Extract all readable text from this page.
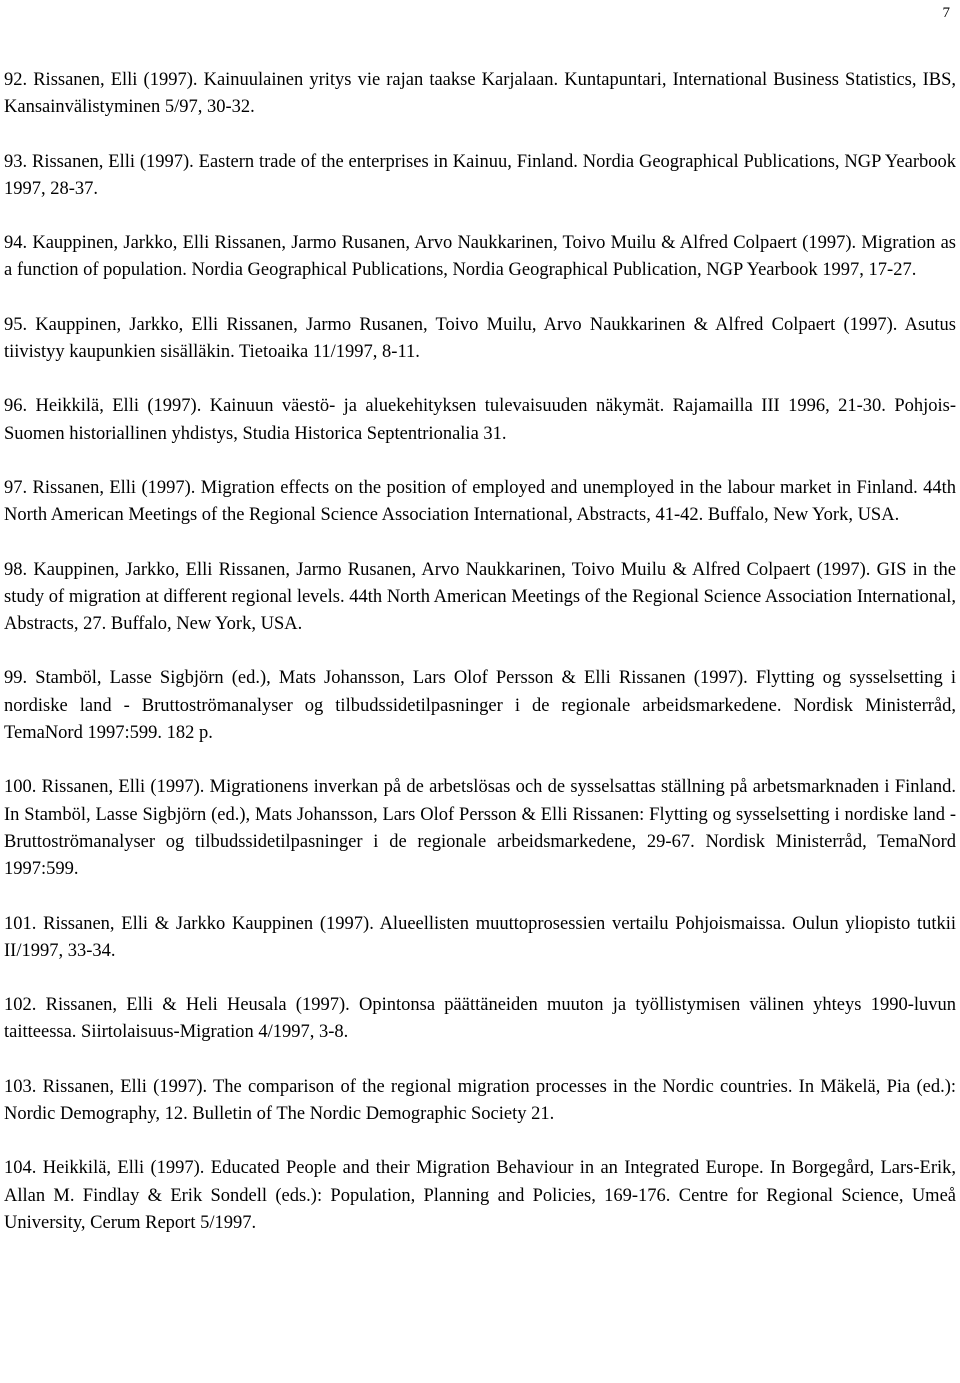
7

92. Rissanen, Elli (1997). Kainuulainen yritys vie rajan taakse Karjalaan. Kuntapuntari, International Business Statistics, IBS, Kansainvälistyminen 5/97, 30-32.

93. Rissanen, Elli (1997). Eastern trade of the enterprises in Kainuu, Finland. Nordia Geographical Publications, NGP Yearbook 1997, 28-37.

94. Kauppinen, Jarkko, Elli Rissanen, Jarmo Rusanen, Arvo Naukkarinen, Toivo Muilu & Alfred Colpaert (1997). Migration as a function of population. Nordia Geographical Publications, Nordia Geographical Publication, NGP Yearbook 1997, 17-27.

95. Kauppinen, Jarkko, Elli Rissanen, Jarmo Rusanen, Toivo Muilu, Arvo Naukkarinen & Alfred Colpaert (1997). Asutus tiivistyy kaupunkien sisälläkin. Tietoaika 11/1997, 8-11.

96. Heikkilä, Elli (1997). Kainuun väestö- ja aluekehityksen tulevaisuuden näkymät. Rajamailla III 1996, 21-30. Pohjois-Suomen historiallinen yhdistys, Studia Historica Septentrionalia 31.

97. Rissanen, Elli (1997). Migration effects on the position of employed and unemployed in the labour market in Finland. 44th North American Meetings of the Regional Science Association International, Abstracts, 41-42. Buffalo, New York, USA.

98. Kauppinen, Jarkko, Elli Rissanen, Jarmo Rusanen, Arvo Naukkarinen, Toivo Muilu & Alfred Colpaert (1997). GIS in the study of migration at different regional levels. 44th North American Meetings of the Regional Science Association International, Abstracts, 27. Buffalo, New York, USA.

99. Stamböl, Lasse Sigbjörn (ed.), Mats Johansson, Lars Olof Persson & Elli Rissanen (1997). Flytting og sysselsetting i nordiske land - Bruttoströmanalyser og tilbudssidetilpasninger i de regionale arbeidsmarkedene. Nordisk Ministerråd, TemaNord 1997:599. 182 p.

100. Rissanen, Elli (1997). Migrationens inverkan på de arbetslösas och de sysselsattas ställning på arbetsmarknaden i Finland. In Stamböl, Lasse Sigbjörn (ed.), Mats Johansson, Lars Olof Persson & Elli Rissanen: Flytting og sysselsetting i nordiske land - Bruttoströmanalyser og tilbudssidetilpasninger i de regionale arbeidsmarkedene, 29-67. Nordisk Ministerråd, TemaNord 1997:599.

101. Rissanen, Elli & Jarkko Kauppinen (1997). Alueellisten muuttoprosessien vertailu Pohjoismaissa. Oulun yliopisto tutkii II/1997, 33-34.

102. Rissanen, Elli & Heli Heusala (1997). Opintonsa päättäneiden muuton ja työllistymisen välinen yhteys 1990-luvun taitteessa. Siirtolaisuus-Migration 4/1997, 3-8.

103. Rissanen, Elli (1997). The comparison of the regional migration processes in the Nordic countries. In Mäkelä, Pia (ed.): Nordic Demography, 12. Bulletin of The Nordic Demographic Society 21.

104. Heikkilä, Elli (1997). Educated People and their Migration Behaviour in an Integrated Europe. In Borgegård, Lars-Erik, Allan M. Findlay & Erik Sondell (eds.): Population, Planning and Policies, 169-176. Centre for Regional Science, Umeå University, Cerum Report 5/1997.
